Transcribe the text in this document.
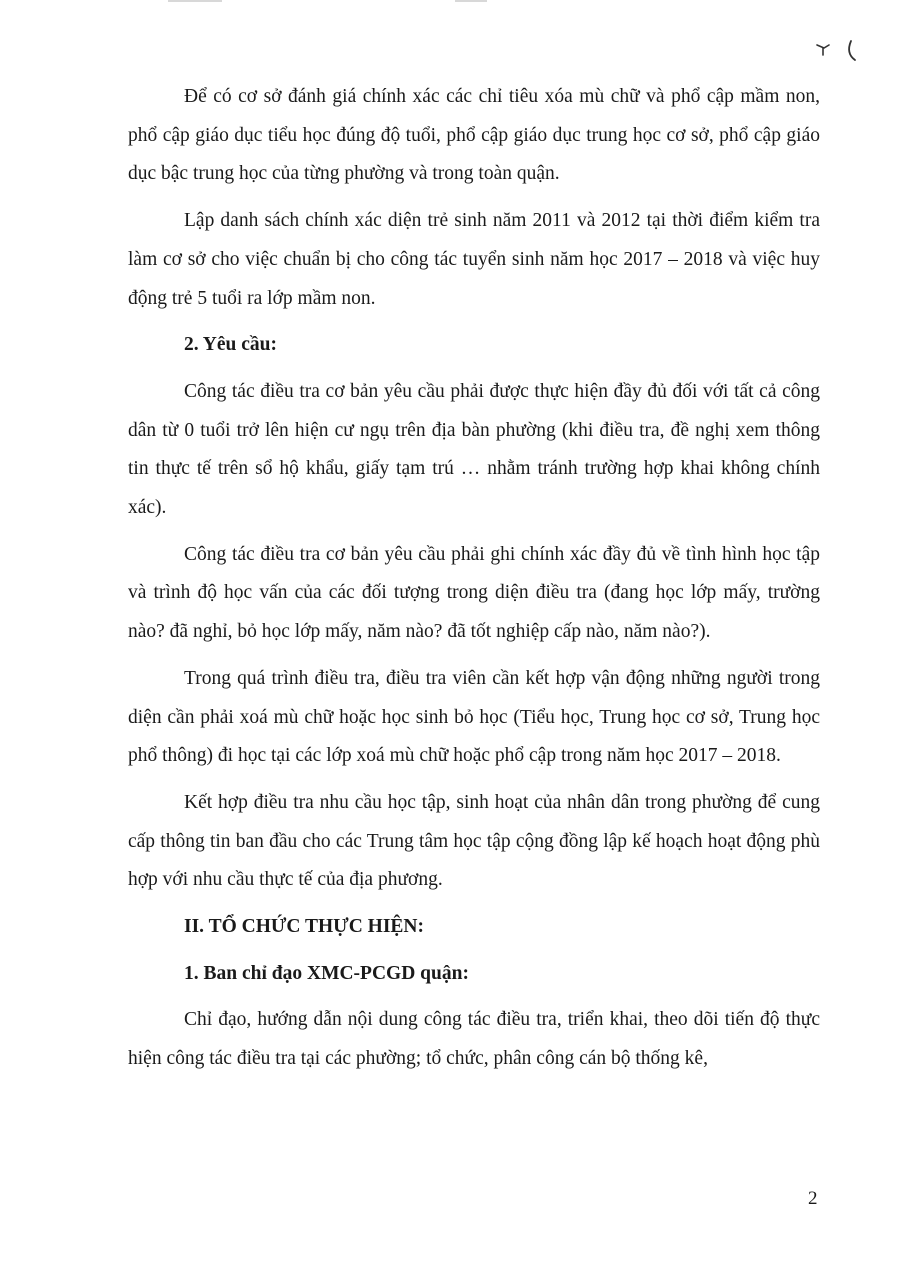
Để có cơ sở đánh giá chính xác các chỉ tiêu xóa mù chữ và phổ cập mầm non, phổ cập giáo dục tiểu học đúng độ tuổi, phổ cập giáo dục trung học cơ sở, phổ cập giáo dục bậc trung học của từng phường và trong toàn quận.

Lập danh sách chính xác diện trẻ sinh năm 2011 và 2012 tại thời điểm kiểm tra làm cơ sở cho việc chuẩn bị cho công tác tuyển sinh năm học 2017 – 2018 và việc huy động trẻ 5 tuổi ra lớp mầm non.

2. Yêu cầu:

Công tác điều tra cơ bản yêu cầu phải được thực hiện đầy đủ đối với tất cả công dân từ 0 tuổi trở lên hiện cư ngụ trên địa bàn phường (khi điều tra, đề nghị xem thông tin thực tế trên sổ hộ khẩu, giấy tạm trú … nhằm tránh trường hợp khai không chính xác).

Công tác điều tra cơ bản yêu cầu phải ghi chính xác đầy đủ về tình hình học tập và trình độ học vấn của các đối tượng trong diện điều tra (đang học lớp mấy, trường nào? đã nghỉ, bỏ học lớp mấy, năm nào? đã tốt nghiệp cấp nào, năm nào?).

Trong quá trình điều tra, điều tra viên cần kết hợp vận động những người trong diện cần phải xoá mù chữ hoặc học sinh bỏ học (Tiểu học, Trung học cơ sở, Trung học phổ thông) đi học tại các lớp xoá mù chữ hoặc phổ cập trong năm học 2017 – 2018.

Kết hợp điều tra nhu cầu học tập, sinh hoạt của nhân dân trong phường để cung cấp thông tin ban đầu cho các Trung tâm học tập cộng đồng lập kế hoạch hoạt động phù hợp với nhu cầu thực tế của địa phương.

II. TỔ CHỨC THỰC HIỆN:

1. Ban chỉ đạo XMC-PCGD quận:

Chỉ đạo, hướng dẫn nội dung công tác điều tra, triển khai, theo dõi tiến độ thực hiện công tác điều tra tại các phường; tổ chức, phân công cán bộ thống kê,

2
